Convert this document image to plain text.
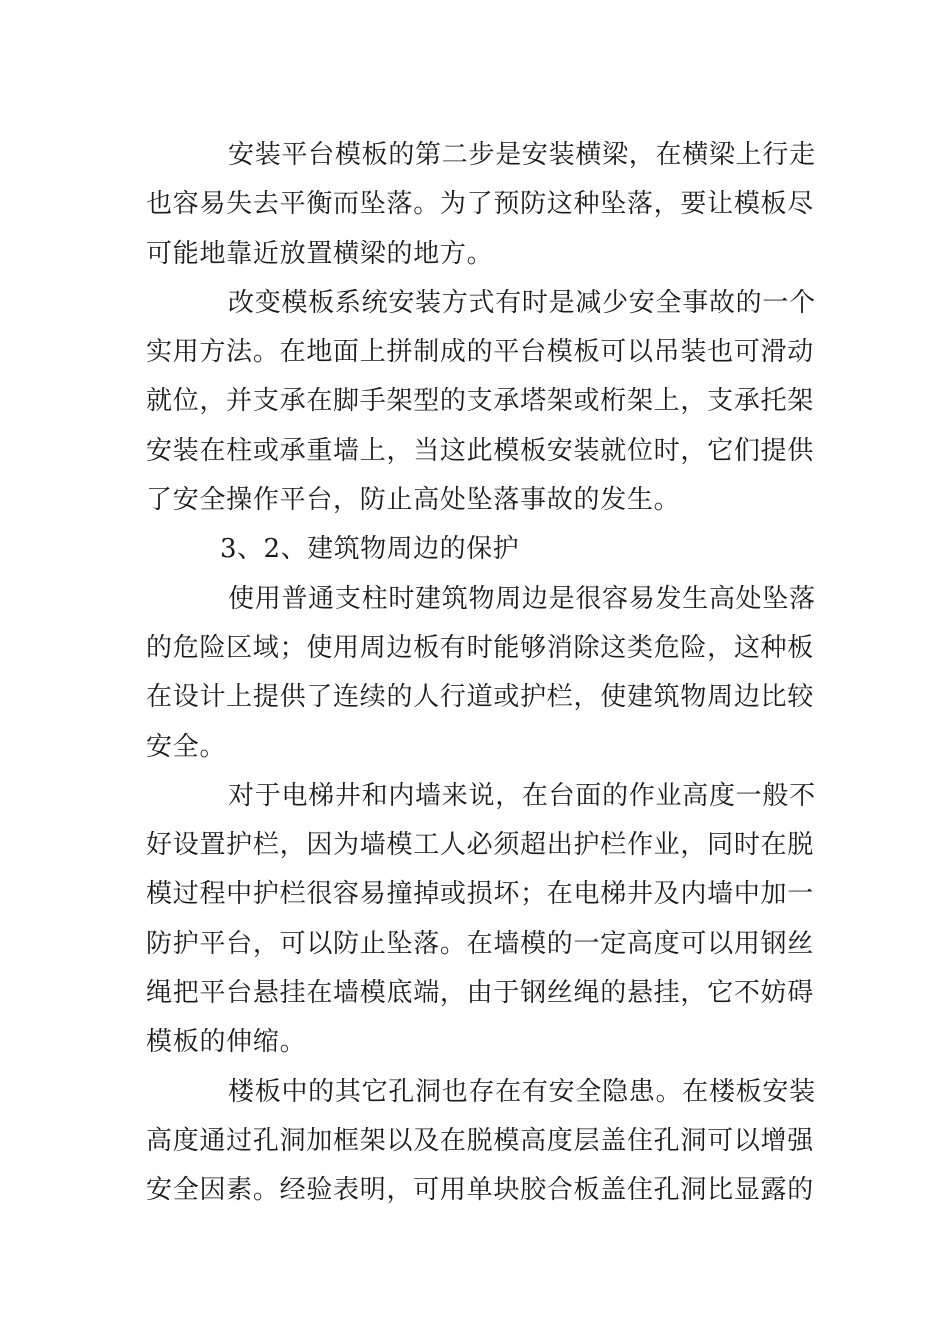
安装平台模板的第二步是安装横梁，在横梁上行走
也容易失去平衡而坠落。为了预防这种坠落，要让模板尽
可能地靠近放置横梁的地方。
改变模板系统安装方式有时是减少安全事故的一个
实用方法。在地面上拼制成的平台模板可以吊装也可滑动
就位，并支承在脚手架型的支承塔架或桁架上，支承托架
安装在柱或承重墙上，当这此模板安装就位时，它们提供
了安全操作平台，防止高处坠落事故的发生。
3、2、建筑物周边的保护
使用普通支柱时建筑物周边是很容易发生高处坠落
的危险区域；使用周边板有时能够消除这类危险，这种板
在设计上提供了连续的人行道或护栏，使建筑物周边比较
安全。
对于电梯井和内墙来说，在台面的作业高度一般不
好设置护栏，因为墙模工人必须超出护栏作业，同时在脱
模过程中护栏很容易撞掉或损坏；在电梯井及内墙中加一
防护平台，可以防止坠落。在墙模的一定高度可以用钢丝
绳把平台悬挂在墙模底端，由于钢丝绳的悬挂，它不妨碍
模板的伸缩。
楼板中的其它孔洞也存在有安全隐患。在楼板安装
高度通过孔洞加框架以及在脱模高度层盖住孔洞可以增强
安全因素。经验表明，可用单块胶合板盖住孔洞比显露的
